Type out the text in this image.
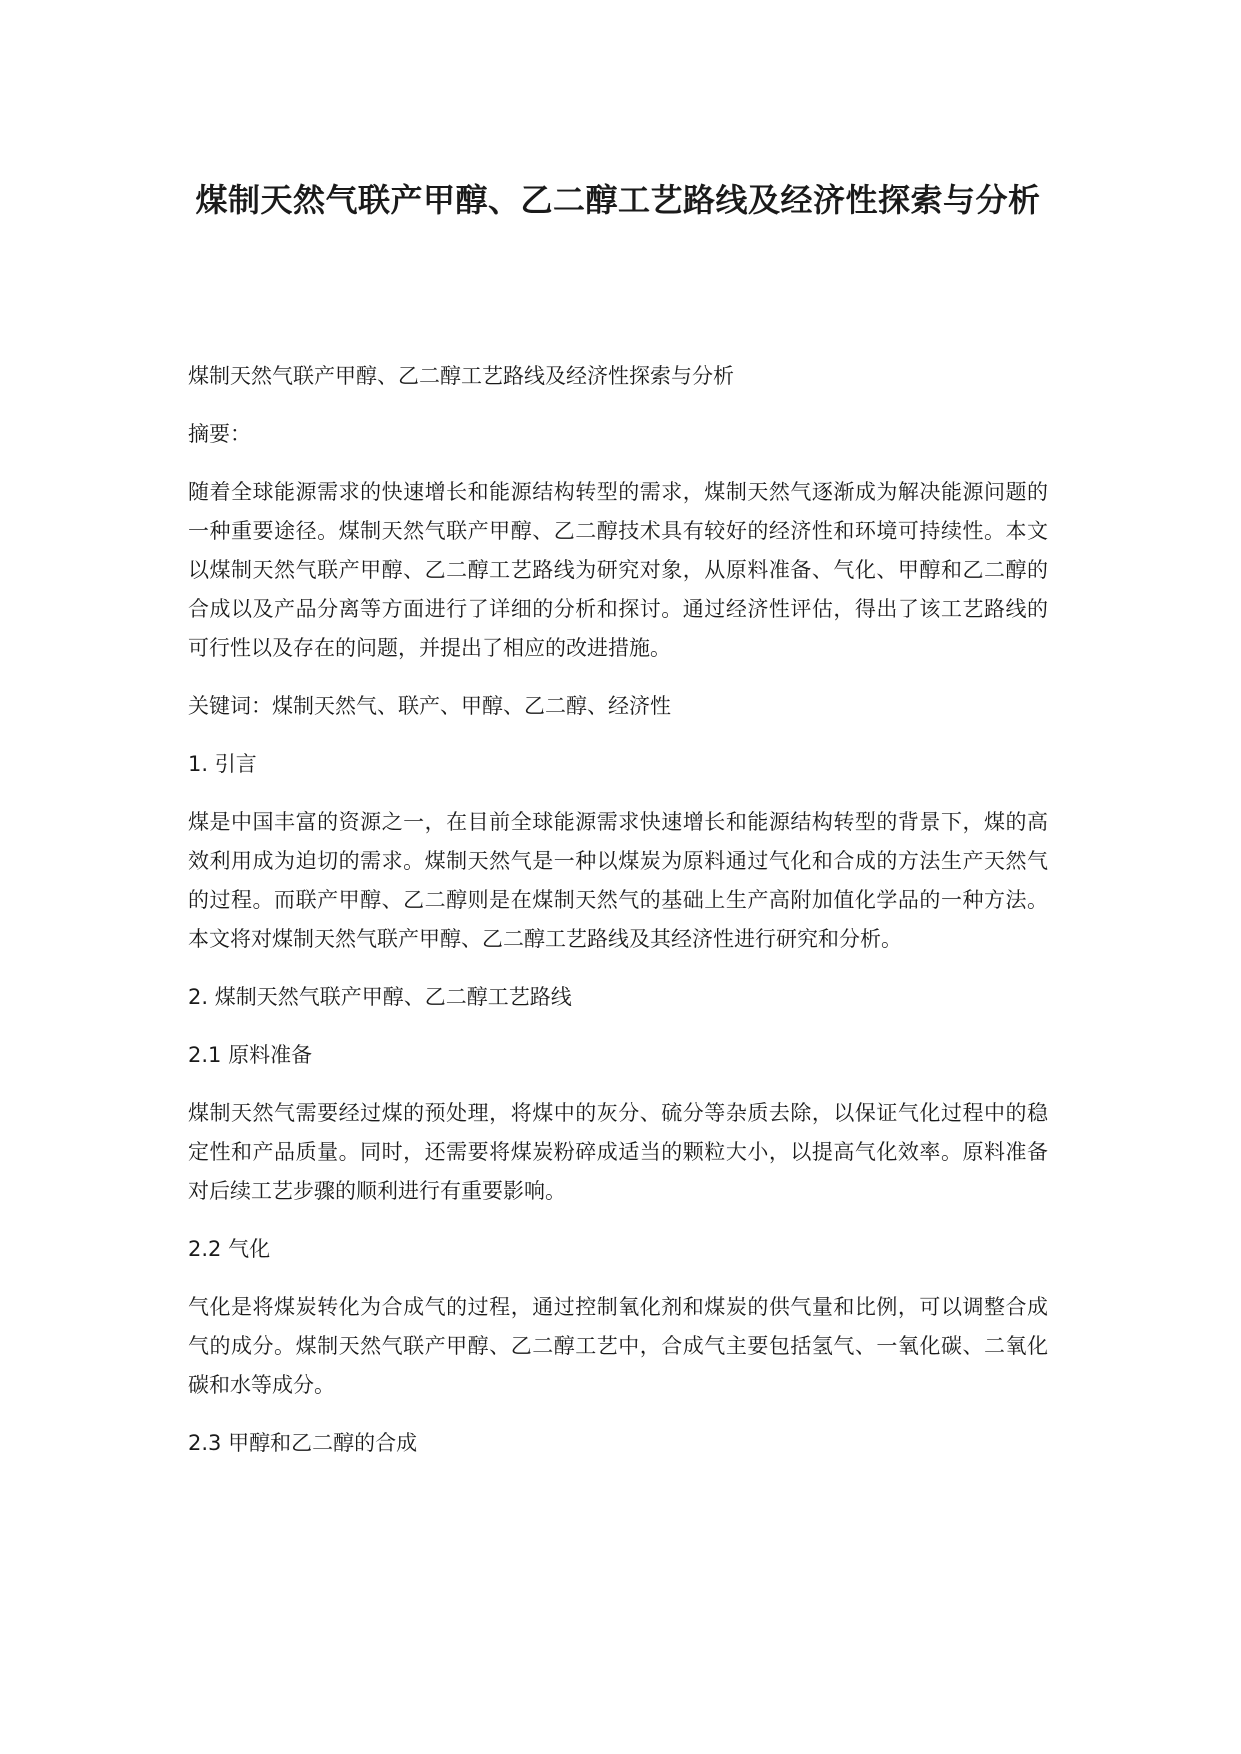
煤制天然气联产甲醇、乙二醇工艺路线及经济性探索与分析

煤制天然气联产甲醇、乙二醇工艺路线及经济性探索与分析

摘要：

随着全球能源需求的快速增长和能源结构转型的需求，煤制天然气逐渐成为解决能源问题的一种重要途径。煤制天然气联产甲醇、乙二醇技术具有较好的经济性和环境可持续性。本文以煤制天然气联产甲醇、乙二醇工艺路线为研究对象，从原料准备、气化、甲醇和乙二醇的合成以及产品分离等方面进行了详细的分析和探讨。通过经济性评估，得出了该工艺路线的可行性以及存在的问题，并提出了相应的改进措施。

关键词：煤制天然气、联产、甲醇、乙二醇、经济性

1. 引言

煤是中国丰富的资源之一，在目前全球能源需求快速增长和能源结构转型的背景下，煤的高效利用成为迫切的需求。煤制天然气是一种以煤炭为原料通过气化和合成的方法生产天然气的过程。而联产甲醇、乙二醇则是在煤制天然气的基础上生产高附加值化学品的一种方法。本文将对煤制天然气联产甲醇、乙二醇工艺路线及其经济性进行研究和分析。

2. 煤制天然气联产甲醇、乙二醇工艺路线

2.1 原料准备

煤制天然气需要经过煤的预处理，将煤中的灰分、硫分等杂质去除，以保证气化过程中的稳定性和产品质量。同时，还需要将煤炭粉碎成适当的颗粒大小，以提高气化效率。原料准备对后续工艺步骤的顺利进行有重要影响。

2.2 气化

气化是将煤炭转化为合成气的过程，通过控制氧化剂和煤炭的供气量和比例，可以调整合成气的成分。煤制天然气联产甲醇、乙二醇工艺中，合成气主要包括氢气、一氧化碳、二氧化碳和水等成分。

2.3 甲醇和乙二醇的合成
